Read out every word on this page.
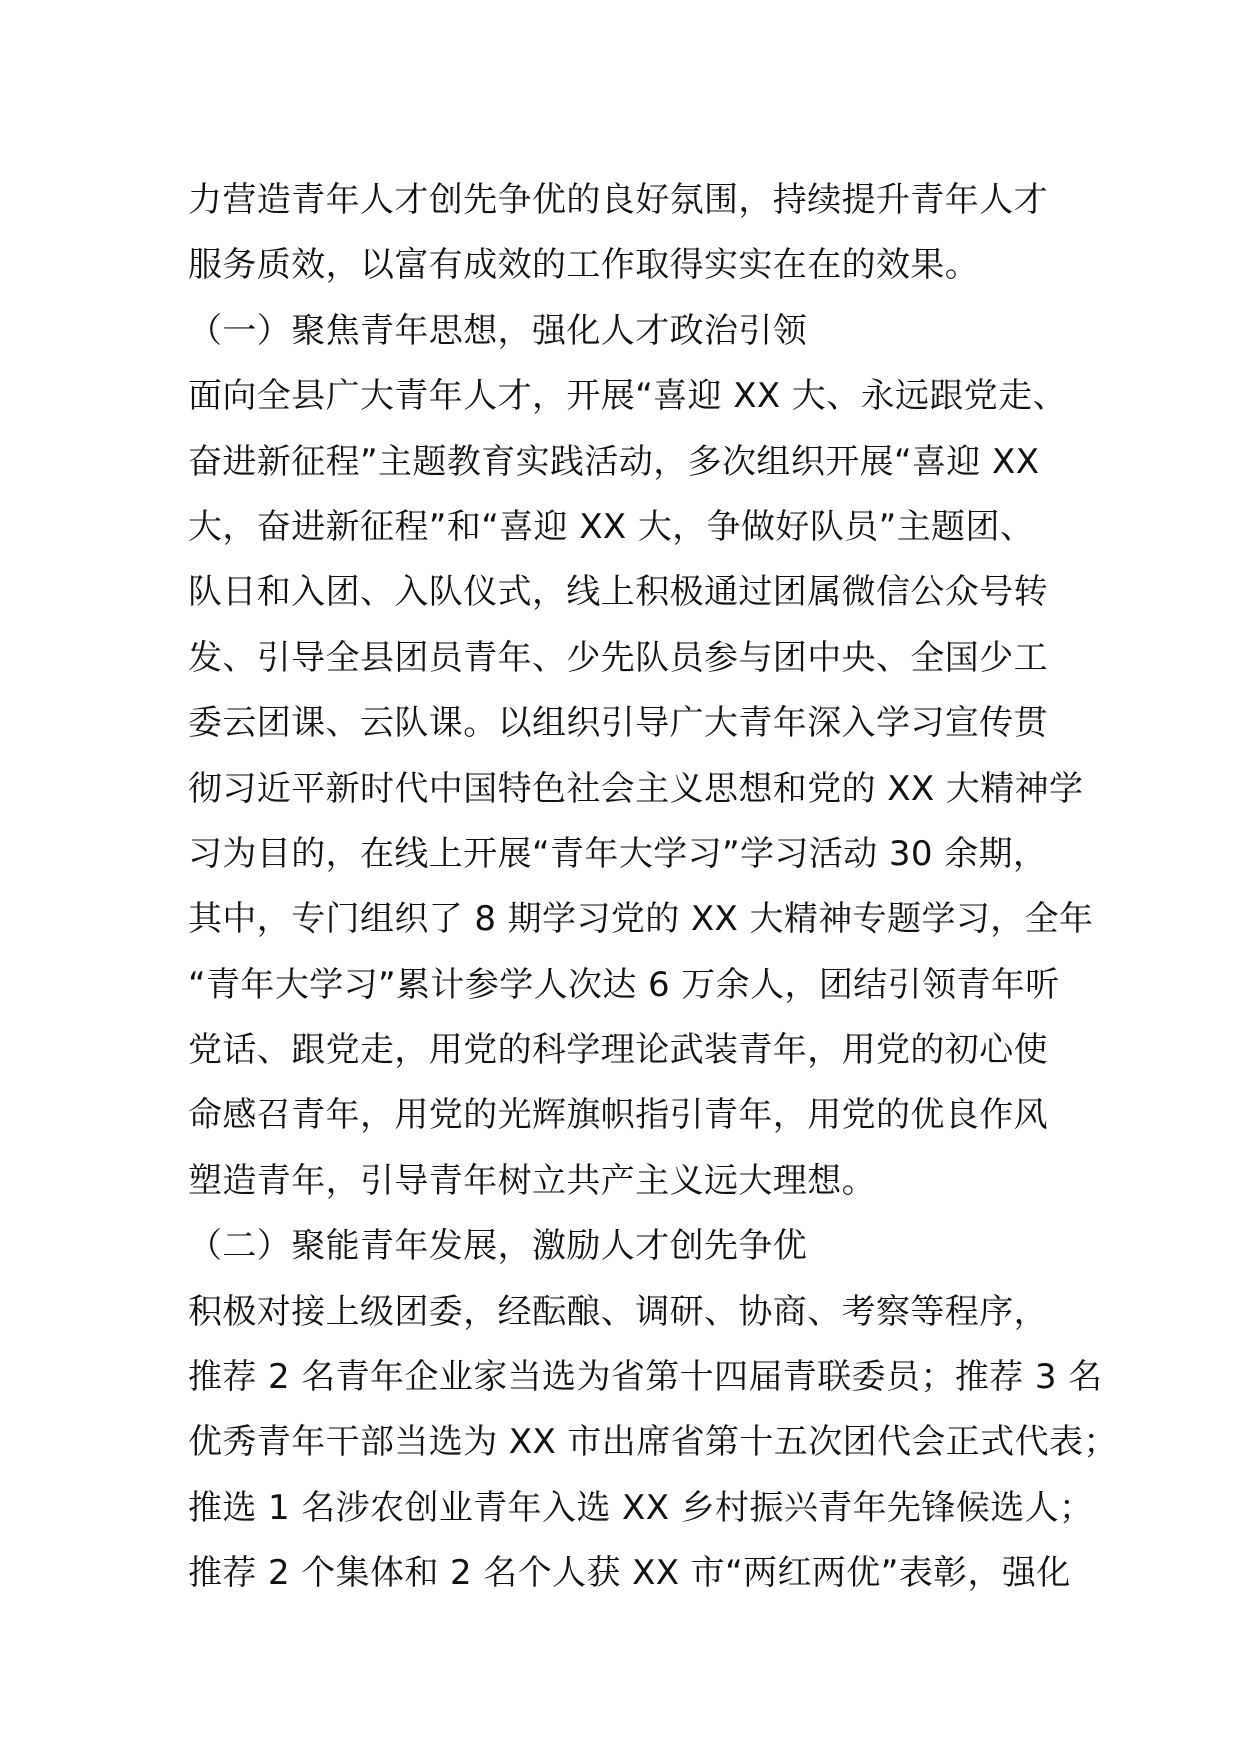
力营造青年人才创先争优的良好氛围，持续提升青年人才
服务质效，以富有成效的工作取得实实在在的效果。
（一）聚焦青年思想，强化人才政治引领
面向全县广大青年人才，开展“喜迎 XX 大、永远跟党走、
奋进新征程”主题教育实践活动，多次组织开展“喜迎 XX
大，奋进新征程”和“喜迎 XX 大，争做好队员”主题团、
队日和入团、入队仪式，线上积极通过团属微信公众号转
发、引导全县团员青年、少先队员参与团中央、全国少工
委云团课、云队课。以组织引导广大青年深入学习宣传贯
彻习近平新时代中国特色社会主义思想和党的 XX 大精神学
习为目的，在线上开展“青年大学习”学习活动 30 余期，
其中，专门组织了 8 期学习党的 XX 大精神专题学习，全年
“青年大学习”累计参学人次达 6 万余人，团结引领青年听
党话、跟党走，用党的科学理论武装青年，用党的初心使
命感召青年，用党的光辉旗帜指引青年，用党的优良作风
塑造青年，引导青年树立共产主义远大理想。
（二）聚能青年发展，激励人才创先争优
积极对接上级团委，经酝酿、调研、协商、考察等程序，
推荐 2 名青年企业家当选为省第十四届青联委员；推荐 3 名
优秀青年干部当选为 XX 市出席省第十五次团代会正式代表；
推选 1 名涉农创业青年入选 XX 乡村振兴青年先锋候选人；
推荐 2 个集体和 2 名个人获 XX 市“两红两优”表彰，强化
